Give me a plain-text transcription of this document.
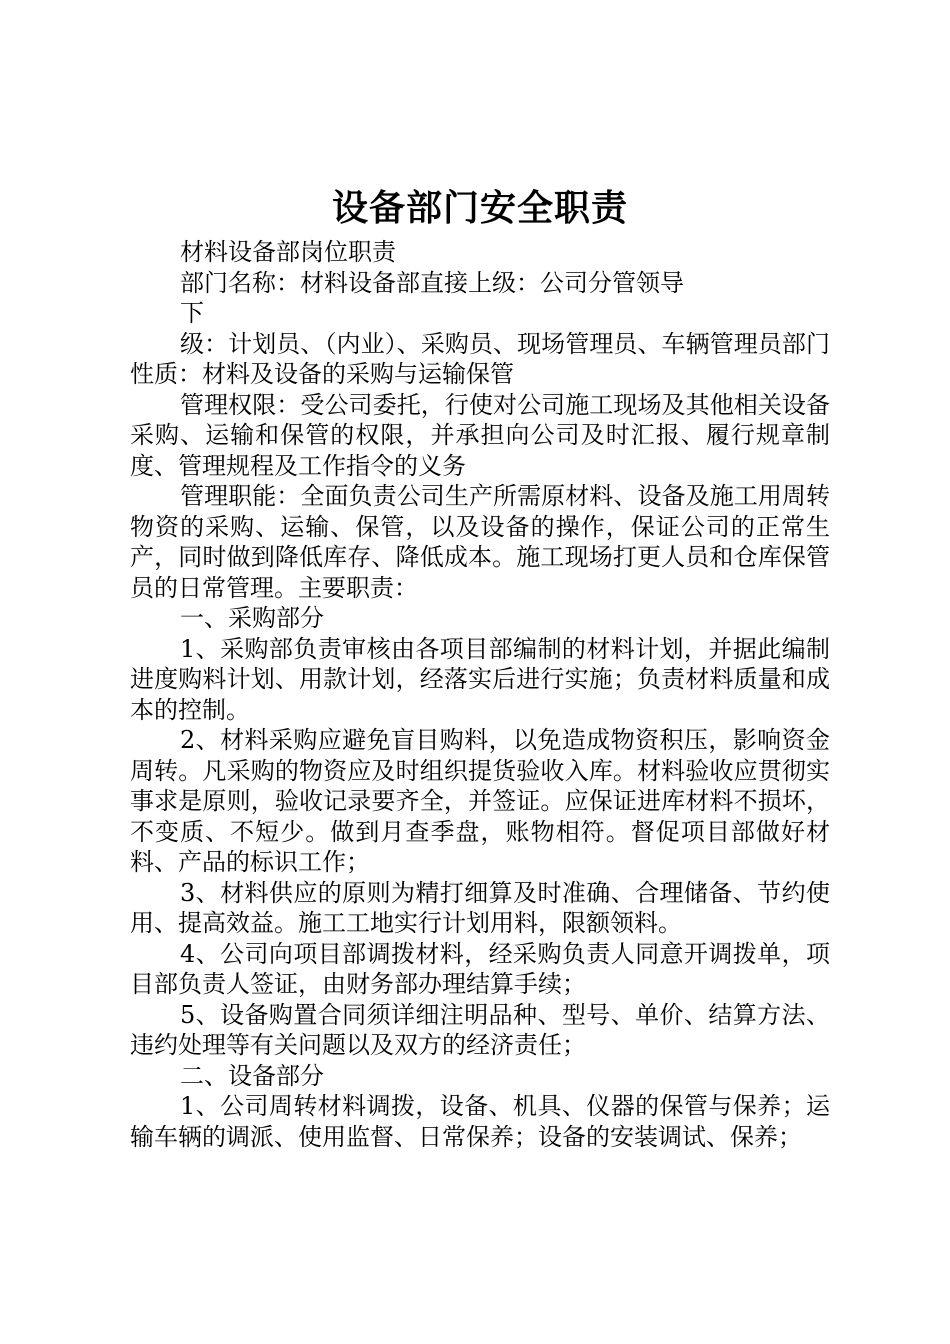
设备部门安全职责

材料设备部岗位职责

部门名称：材料设备部直接上级：公司分管领导

下

级：计划员、（内业）、采购员、现场管理员、车辆管理员部门性质：材料及设备的采购与运输保管

管理权限：受公司委托，行使对公司施工现场及其他相关设备采购、运输和保管的权限，并承担向公司及时汇报、履行规章制度、管理规程及工作指令的义务

管理职能：全面负责公司生产所需原材料、设备及施工用周转物资的采购、运输、保管，以及设备的操作，保证公司的正常生产，同时做到降低库存、降低成本。施工现场打更人员和仓库保管员的日常管理。主要职责：

一、采购部分

1、采购部负责审核由各项目部编制的材料计划，并据此编制进度购料计划、用款计划，经落实后进行实施；负责材料质量和成本的控制。

2、材料采购应避免盲目购料，以免造成物资积压，影响资金周转。凡采购的物资应及时组织提货验收入库。材料验收应贯彻实事求是原则，验收记录要齐全，并签证。应保证进库材料不损坏，不变质、不短少。做到月查季盘，账物相符。督促项目部做好材料、产品的标识工作；

3、材料供应的原则为精打细算及时准确、合理储备、节约使用、提高效益。施工工地实行计划用料，限额领料。

4、公司向项目部调拨材料，经采购负责人同意开调拨单，项目部负责人签证，由财务部办理结算手续；

5、设备购置合同须详细注明品种、型号、单价、结算方法、违约处理等有关问题以及双方的经济责任；

二、设备部分

1、公司周转材料调拨，设备、机具、仪器的保管与保养；运输车辆的调派、使用监督、日常保养；设备的安装调试、保养；
